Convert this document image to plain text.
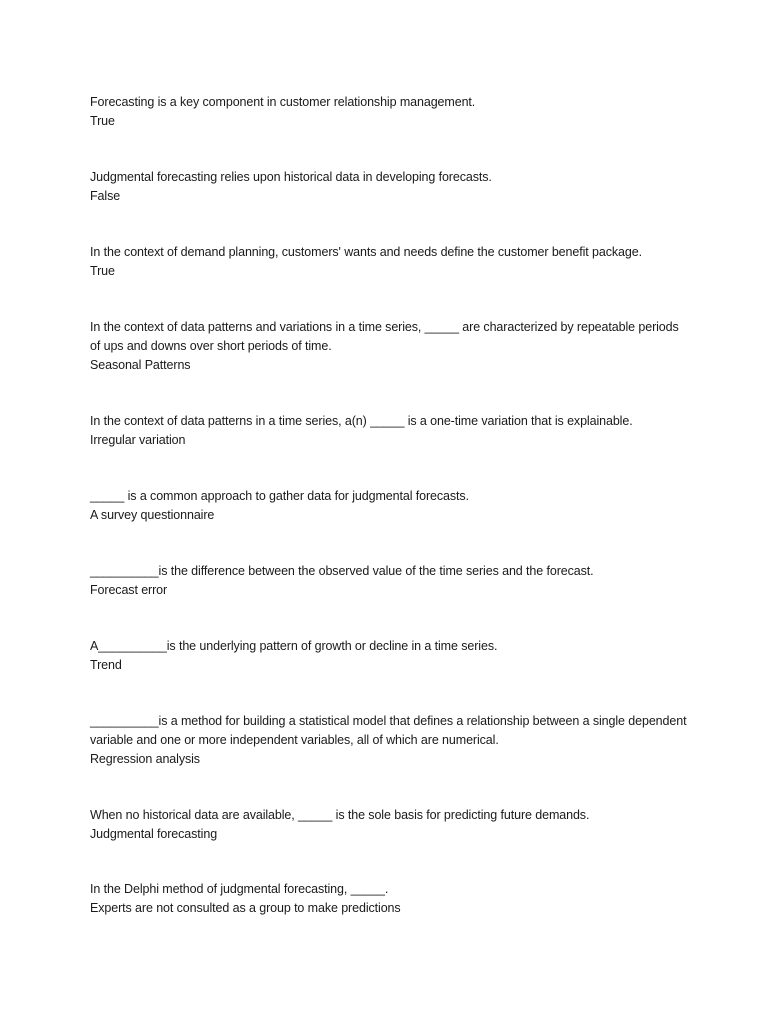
Forecasting is a key component in customer relationship management.
True
Judgmental forecasting relies upon historical data in developing forecasts.
False
In the context of demand planning, customers' wants and needs define the customer benefit package.
True
In the context of data patterns and variations in a time series, _____ are characterized by repeatable periods of ups and downs over short periods of time.
Seasonal Patterns
In the context of data patterns in a time series, a(n) _____ is a one-time variation that is explainable.
Irregular variation
_____ is a common approach to gather data for judgmental forecasts.
A survey questionnaire
__________is the difference between the observed value of the time series and the forecast.
Forecast error
A__________is the underlying pattern of growth or decline in a time series.
Trend
__________is a method for building a statistical model that defines a relationship between a single dependent variable and one or more independent variables, all of which are numerical.
Regression analysis
When no historical data are available, _____ is the sole basis for predicting future demands.
Judgmental forecasting
In the Delphi method of judgmental forecasting, _____.
Experts are not consulted as a group to make predictions
